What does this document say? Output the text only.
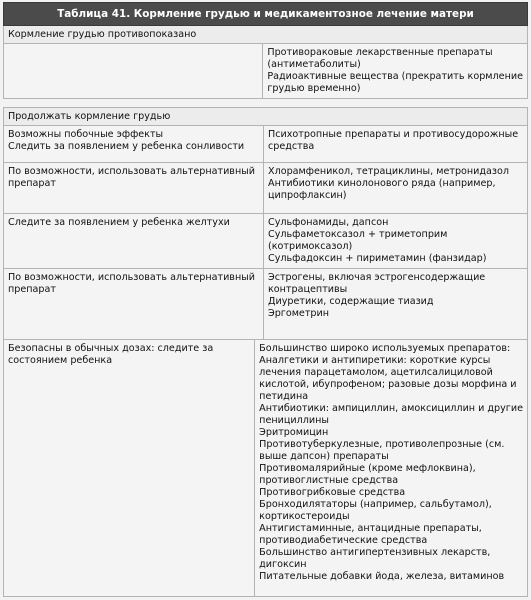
Таблица 41. Кормление грудью и медикаментозное лечение матери
Кормление грудью противопоказано
Противораковые лекарственные препараты
(антиметаболиты)
Радиоактивные вещества (прекратить кормление
грудью временно)
Продолжать кормление грудью
Возможны побочные эффекты
Следить за появлением у ребенка сонливости
Психотропные препараты и противосудорожные
средства
По возможности, использовать альтернативный
препарат
Хлорамфеникол, тетрациклины, метронидазол
Антибиотики кинолонового ряда (например,
ципрофлаксин)
Следите за появлением у ребенка желтухи	Сульфонамиды, дапсон
Сульфаметоксазол + триметоприм
(котримоксазол)
Сульфадоксин + пириметамин (фанзидар)
По возможности, использовать альтернативный
препарат
Эстрогены, включая эстрогенсодержащие
контрацептивы
Диуретики, содержащие тиазид
Эргометрин
Безопасны в обычных дозах: следите за
состоянием ребенка
Большинство широко используемых препаратов:
Аналгетики и антипиретики: короткие курсы
лечения парацетамолом, ацетилсалициловой
кислотой, ибупрофеном; разовые дозы морфина и
петидина
Антибиотики: ампициллин, амоксициллин и другие
пенициллины
Эритромицин
Противотуберкулезные, противолепрозные (см.
выше дапсон) препараты
Противомалярийные (кроме мефлоквина),
противоглистные средства
Противогрибковые средства
Бронходилятаторы (например, сальбутамол),
кортикостероиды
Антигистаминные, антацидные препараты,
противодиабетические средства
Большинство антигипертензивных лекарств,
дигоксин
Питательные добавки йода, железа, витаминов
